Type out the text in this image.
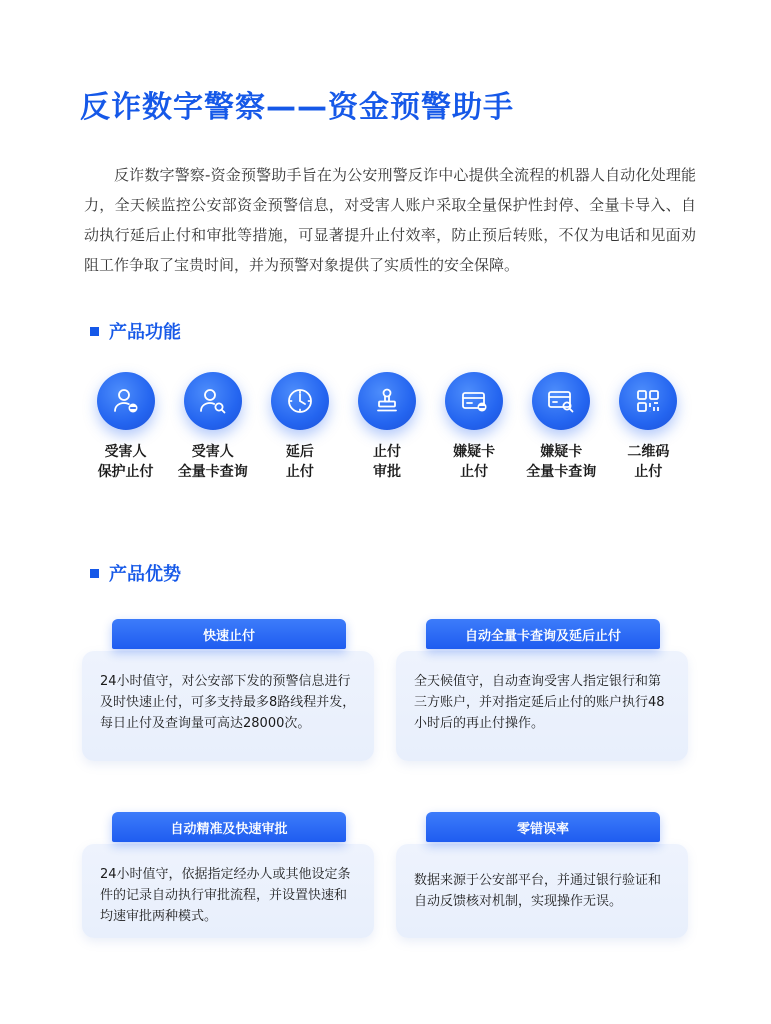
反诈数字警察——资金预警助手

反诈数字警察-资金预警助手旨在为公安刑警反诈中心提供全流程的机器人自动化处理能力，全天候监控公安部资金预警信息，对受害人账户采取全量保护性封停、全量卡导入、自动执行延后止付和审批等措施，可显著提升止付效率，防止预后转账，不仅为电话和见面劝阻工作争取了宝贵时间，并为预警对象提供了实质性的安全保障。

产品功能
受害人
保护止付
受害人
全量卡查询
延后
止付
止付
审批
嫌疑卡
止付
嫌疑卡
全量卡查询
二维码
止付
产品优势
24小时值守，对公安部下发的预警信息进行及时快速止付，可多支持最多8路线程并发，每日止付及查询量可高达28000次。
快速止付
全天候值守，自动查询受害人指定银行和第三方账户，并对指定延后止付的账户执行48小时后的再止付操作。
自动全量卡查询及延后止付
24小时值守，依据指定经办人或其他设定条件的记录自动执行审批流程，并设置快速和均速审批两种模式。
自动精准及快速审批
数据来源于公安部平台，并通过银行验证和自动反馈核对机制，实现操作无误。
零错误率
